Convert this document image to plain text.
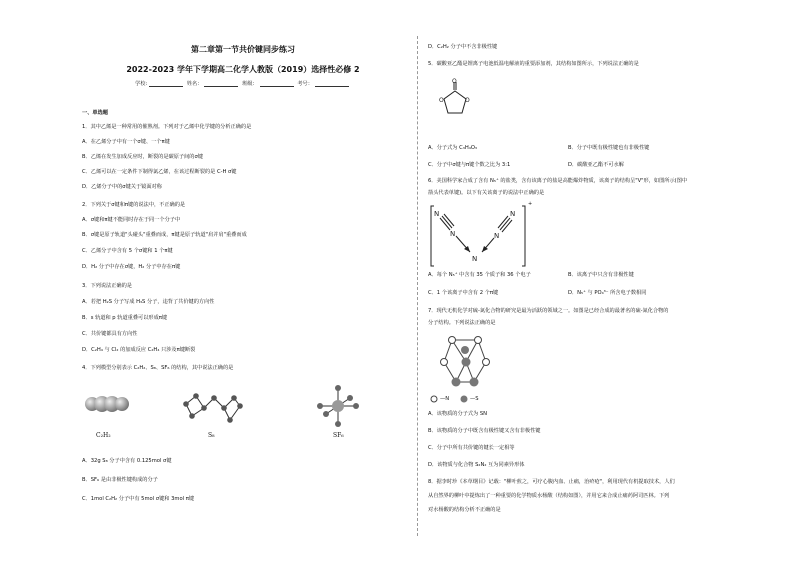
第二章第一节共价键同步练习
2022-2023 学年下学期高二化学人教版（2019）选择性必修 2
学校:	姓名：	班级：	考号：
一、单选题
1．其中乙烯是一种常用的催熟剂。下列对于乙烯中化学键的分析正确的是
A．在乙烯分子中有一个σ键、一个π键
B．乙烯在发生加成反应时，断裂的是碳原子间的σ键
C．乙烯可以在一定条件下制得氯乙烯，在该过程断裂的是 C-H σ键
D．乙烯分子中的σ键关于镜面对称
2．下列关于σ键和π键的说法中，不正确的是
A．σ键和π键不能同时存在于同一个分子中
B．σ键是原子轨道"头碰头"重叠而成，π键是原子轨道"肩并肩"重叠而成
C．乙烯分子中含有 5 个σ键和 1 个π键
D．H₂ 分子中存在σ键，H₂ 分子中存在π键
3．下列说法正确的是
A．若把 H₂S 分子写成 H₃S 分子，违背了共价键的方向性
B．s 轨道和 p 轨道重叠可以形成π键
C．共价键都具有方向性
D．C₂H₄ 与 Cl₂ 的加成反应 C₂H₄ 只涉及π键断裂
4．下列模型分别表示 C₂H₂、S₈、SF₆ 的结构，其中说法正确的是
C₂H₂	S₈	SF₆
A．32g S₈ 分子中含有 0.125mol σ键
B．SF₆ 是由非极性键构成的分子
C．1mol C₂H₂ 分子中有 5mol σ键和 3mol π键
D．C₂H₂ 分子中不含非极性键
5．碳酸亚乙酯是锂离子电池低温电解液的重要添加剂，其结构如图所示，下列说法正确的是
O
O
O
A．分子式为 C₃H₄O₃	B．分子中既有极性键也有非极性键
C．分子中σ键与π键个数之比为 3:1	D．碳酸亚乙酯不可水解
6．美国科学家合成了含有 N₅⁺ 的盐类，含有该离子的盐是高能爆炸物质，该离子的结构呈"V"形，如图所示(图中
箭头代表单键)。以下有关该离子的说法中正确的是
N
N
N
N
N
+
A．每个 N₅⁺ 中含有 35 个质子和 36 个电子	B．该离子中只含有非极性键
C．1 个该离子中含有 2 个π键	D．N₅⁺ 与 PO₄³⁻ 所含电子数相同
7．现代无机化学对硫-氮化合物的研究是最为活跃的领域之一。如图是已经合成的最著名的硫-氮化合物的
分子结构。下列说法正确的是
—N	—S
A．该物质的分子式为 SN
B．该物质的分子中既含有极性键又含有非极性键
C．分子中所有共价键的键长一定相等
D．该物质与化合物 S₂N₂ 互为同素异形体
8．据李时珍《本草纲目》记载："柳叶煎之，可疗心腹内血、止痛，治疥疮"，利用现代有机提取技术，人们
从自然界的柳叶中提炼出了一种重要的化学物质水杨酸（结构如图），并用它来合成止痛药阿司匹林。下列
对水杨酸的结构分析不正确的是
